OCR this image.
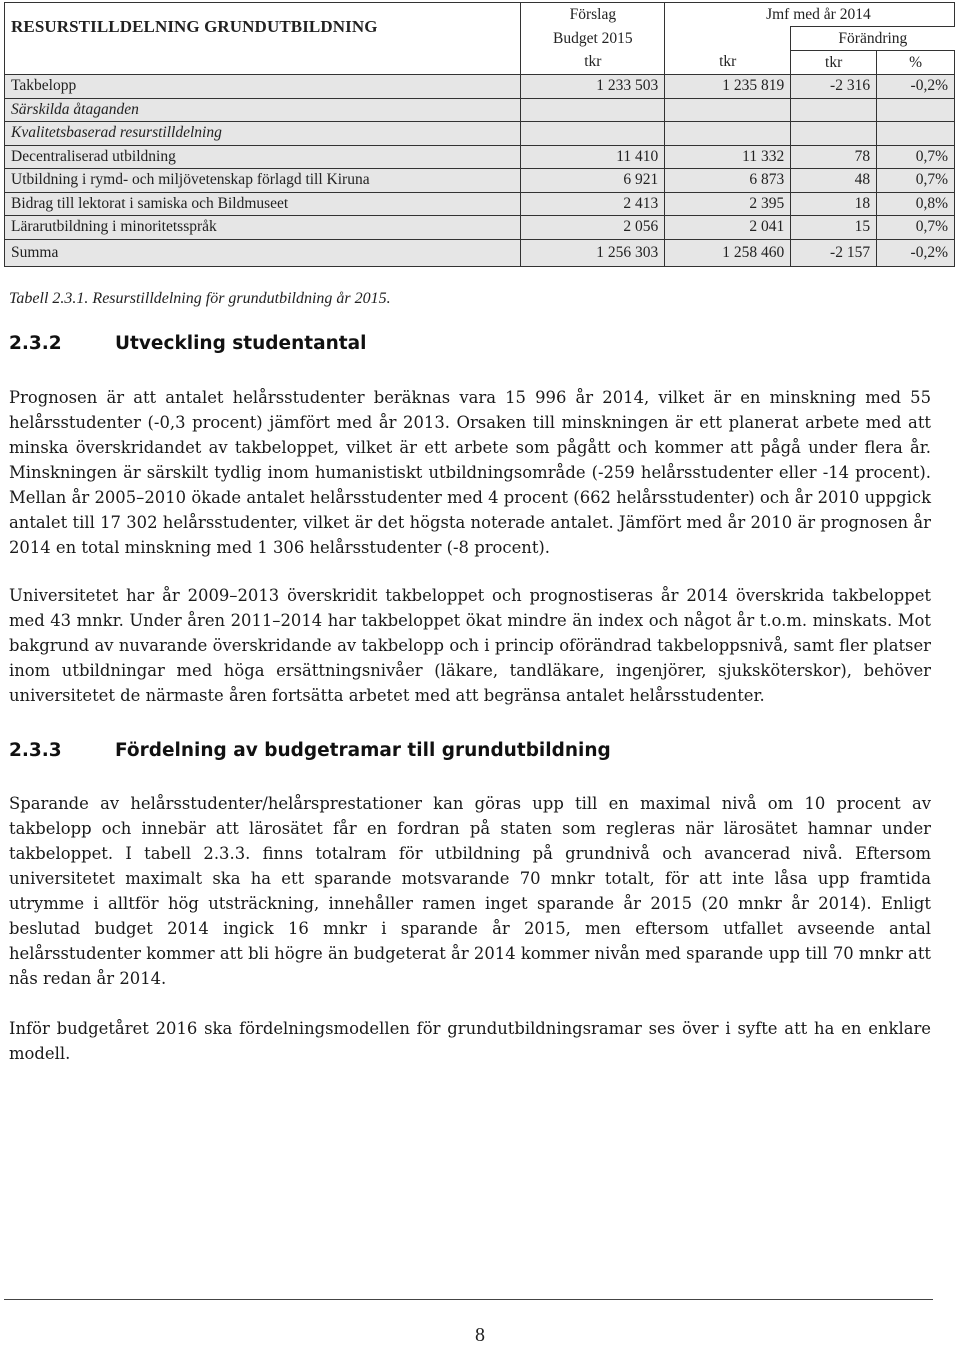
RESURSTILLDELNING GRUNDUTBILDNING	Förslag	Jmf med år 2014		
	Budget 2015		Förändring	
	tkr	tkr	tkr	%
Takbelopp	1 233 503	1 235 819	-2 316	-0,2%
Särskilda åtaganden				
Kvalitetsbaserad resurstilldelning				
Decentraliserad utbildning	11 410	11 332	78	0,7%
Utbildning i rymd- och miljövetenskap förlagd till Kiruna	6 921	6 873	48	0,7%
Bidrag till lektorat i samiska och Bildmuseet	2 413	2 395	18	0,8%
Lärarutbildning i minoritetsspråk	2 056	2 041	15	0,7%
Summa	1 256 303	1 258 460	-2 157	-0,2%
Tabell 2.3.1. Resurstilldelning för grundutbildning år 2015.
2.3.2	Utveckling studentantal

Prognosen är att antalet helårsstudenter beräknas vara 15 996 år 2014, vilket är en minskning med 55 helårsstudenter (-0,3 procent) jämfört med år 2013. Orsaken till minskningen är ett planerat arbete med att minska överskridandet av takbeloppet, vilket är ett arbete som pågått och kommer att pågå under flera år. Minskningen är särskilt tydlig inom humanistiskt utbildningsområde (-259 helårsstudenter eller -14 procent). Mellan år 2005–2010 ökade antalet helårsstudenter med 4 procent (662 helårsstudenter) och år 2010 uppgick antalet till 17 302 helårsstudenter, vilket är det högsta noterade antalet. Jämfört med år 2010 är prognosen år 2014 en total minskning med 1 306 helårsstudenter (-8 procent).

Universitetet har år 2009–2013 överskridit takbeloppet och prognostiseras år 2014 överskrida takbeloppet med 43 mnkr. Under åren 2011–2014 har takbeloppet ökat mindre än index och något år t.o.m. minskats. Mot bakgrund av nuvarande överskridande av takbelopp och i princip oförändrad takbeloppsnivå, samt fler platser inom utbildningar med höga ersättningsnivåer (läkare, tandläkare, ingenjörer, sjuksköterskor), behöver universitetet de närmaste åren fortsätta arbetet med att begränsa antalet helårsstudenter.

2.3.3	Fördelning av budgetramar till grundutbildning

Sparande av helårsstudenter/helårsprestationer kan göras upp till en maximal nivå om 10 procent av takbelopp och innebär att lärosätet får en fordran på staten som regleras när lärosätet hamnar under takbeloppet. I tabell 2.3.3. finns totalram för utbildning på grundnivå och avancerad nivå. Eftersom universitetet maximalt ska ha ett sparande motsvarande 70 mnkr totalt, för att inte låsa upp framtida utrymme i alltför hög utsträckning, innehåller ramen inget sparande år 2015 (20 mnkr år 2014). Enligt beslutad budget 2014 ingick 16 mnkr i sparande år 2015, men eftersom utfallet avseende antal helårsstudenter kommer att bli högre än budgeterat år 2014 kommer nivån med sparande upp till 70 mnkr att nås redan år 2014.

Inför budgetåret 2016 ska fördelningsmodellen för grundutbildningsramar ses över i syfte att ha en enklare modell.

8
